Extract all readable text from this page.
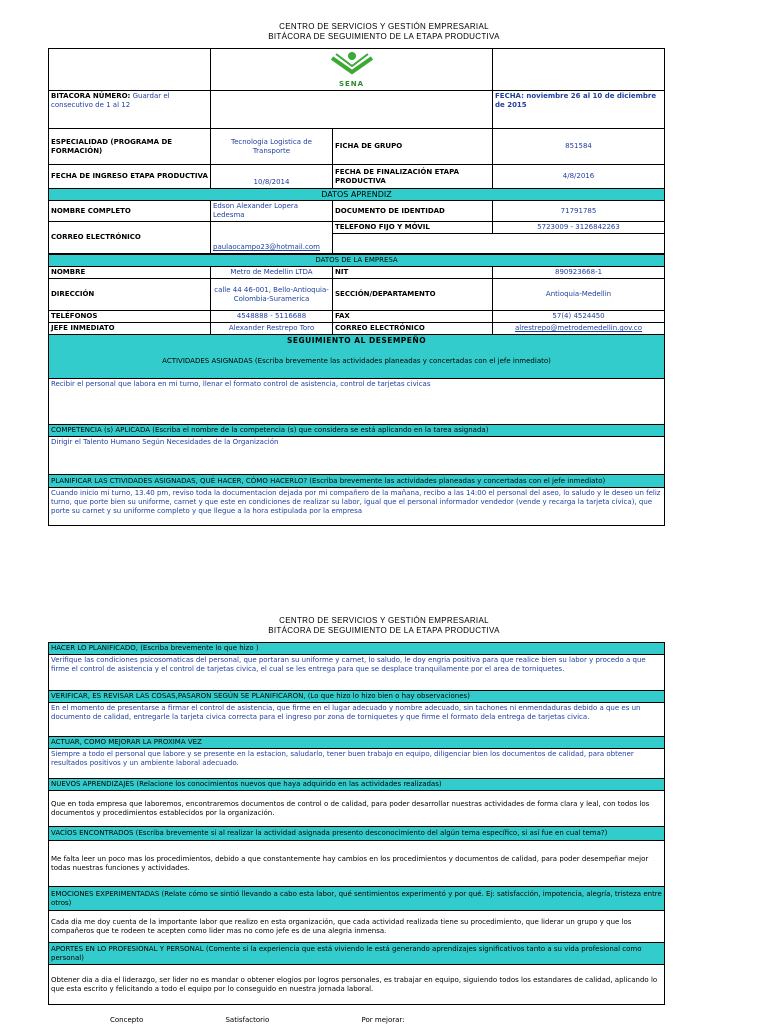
CENTRO DE SERVICIOS Y GESTIÓN EMPRESARIAL
BITÁCORA DE SEGUIMIENTO DE LA ETAPA PRODUCTIVA

	SENA		

BITACORA NÚMERO: Guardar el consecutivo de 1 al 12			FECHA: noviembre 26 al 10 de diciembre de 2015
ESPECIALIDAD (PROGRAMA DE FORMACIÓN)	Tecnologia Logistica de Transporte	FICHA DE GRUPO	851584
FECHA DE INGRESO ETAPA PRODUCTIVA	10/8/2014	FECHA DE FINALIZACIÓN ETAPA PRODUCTIVA	4/8/2016
DATOS APRENDIZ			
NOMBRE COMPLETO	Edson Alexander Lopera Ledesma	DOCUMENTO DE IDENTIDAD	71791785
CORREO ELECTRÓNICO	paulaocampo23@hotmail.com	TELEFONO FIJO Y MÓVIL	5723009 - 3126842263

DATOS DE LA EMPRESA			
NOMBRE	Metro de Medellin LTDA	NIT	890923668-1
DIRECCIÓN	calle 44 46-001, Bello-Antioquia-Colombia-Suramerica	SECCIÓN/DEPARTAMENTO	Antioquia-Medellin
TELÉFONOS	4548888 - 5116688	FAX	57(4) 4524450
JEFE INMEDIATO	Alexander Restrepo Toro	CORREO ELECTRÓNICO	alrestrepo@metrodemedellin.gov.co

SEGUIMIENTO AL DESEMPEÑO
ACTIVIDADES ASIGNADAS (Escriba brevemente las actividades planeadas y concertadas con el jefe inmediato)			

Recibir el personal que labora en mi turno, llenar el formato control de asistencia, control de tarjetas civicas			
COMPETENCIA (s) APLICADA (Escriba el nombre de la competencia (s) que considera se está aplicando en la tarea asignada)			
Dirigir el Talento Humano Según Necesidades de la Organización			
PLANIFICAR LAS CTIVIDADES ASIGNADAS, QUÉ HACER, CÓMO HACERLO? (Escriba brevemente las actividades planeadas y concertadas con el jefe inmediato)			
Cuando inicio mi turno, 13.40 pm, reviso toda la documentacion dejada por mi compañero de la mañana, recibo a las 14:00 el personal del aseo, lo saludo y le deseo un feliz turno, que porte bien su uniforme, carnet y que este en condiciones de realizar su labor, igual que el personal informador vendedor (vende y recarga la tarjeta cívica), que porte su carnet y su uniforme completo y que llegue a la hora estipulada por la empresa			
CENTRO DE SERVICIOS Y GESTIÓN EMPRESARIAL
BITÁCORA DE SEGUIMIENTO DE LA ETAPA PRODUCTIVA
HACER LO PLANIFICADO, (Escriba brevemente lo que hizo )
Verifique las condiciones psicosomaticas del personal, que portaran su uniforme y carnet, lo saludo, le doy engria positiva para que realice bien su labor y procedo a que firme el control de asistencia y el control de tarjetas civica, el cual se les entrega para que se desplace tranquilamente por el area de torniquetes.
VERIFICAR, ES REVISAR LAS COSAS,PASARON SEGÚN SE PLANIFICARON, (Lo que hizo lo hizo bien o hay observaciones)
En el momento de presentarse a firmar el control de asistencia, que firme en el lugar adecuado y nombre adecuado, sin tachones ni enmendaduras debido a que es un documento de calidad, entregarle la tarjeta civica correcta para el ingreso por zona de torniquetes y que firme el formato dela entrega de tarjetas civica.
ACTUAR, COMO MEJORAR LA PROXIMA VEZ
Siempre a todo el personal que labore y se presente en la estacion, saludarlo, tener buen trabajo en equipo, diligenciar bien los documentos de calidad, para obtener resultados positivos y un ambiente laboral adecuado.
NUEVOS APRENDIZAJES (Relacione los conocimientos nuevos que haya adquirido en las actividades realizadas)
Que en toda empresa que laboremos, encontraremos documentos de control o de calidad, para poder desarrollar nuestras actividades de forma clara y leal, con todos los documentos y procedimientos establecidos por la organización.
VACÍOS ENCONTRADOS (Escriba brevemente si al realizar la actividad asignada presento desconocimiento del algún tema específico, si así fue en cual tema?)
Me falta leer un poco mas los procedimientos, debido a que constantemente hay cambios en los procedimientos y documentos de calidad, para poder desempeñar mejor todas nuestras funciones y actividades.
EMOCIONES EXPERIMENTADAS (Relate cómo se sintió llevando a cabo esta labor, qué sentimientos experimentó y por qué. Ej: satisfacción, impotencia, alegría, tristeza entre otros)
Cada dia me doy cuenta de la importante labor que realizo en esta organización, que cada actividad realizada tiene su procedimiento, que liderar un grupo y que los compañeros que te rodeen te acepten como lider mas no como jefe es de una alegria inmensa.
APORTES EN LO PROFESIONAL Y PERSONAL (Comente si la experiencia que está viviendo le está generando aprendizajes significativos tanto a su vida profesional como personal)
Obtener dia a dia el liderazgo, ser lider no es mandar o obtener elogios por logros personales, es trabajar en equipo, siguiendo todos los estandares de calidad, aplicando lo que esta escrito y felicitando a todo el equipo por lo conseguido en nuestra jornada laboral.
Concepto	Satisfactorio	Por mejorar:
